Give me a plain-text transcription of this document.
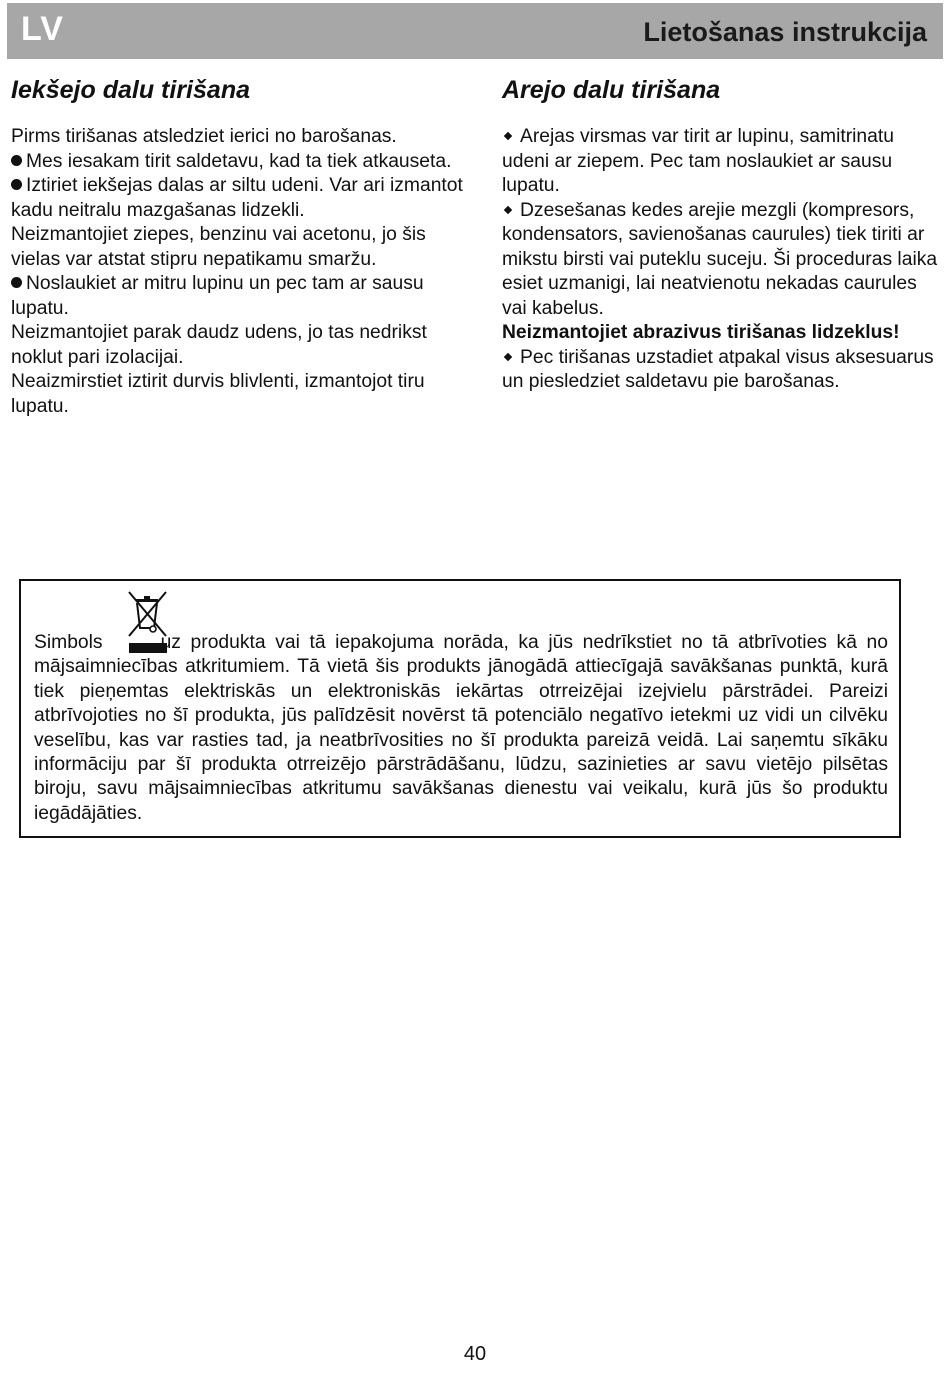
LV	Lietošanas instrukcija
Iekšejo dalu tirišana

Pirms tirišanas atsledziet ierici no barošanas.
Mes iesakam tirit saldetavu, kad ta tiek atkauseta.
Iztiriet iekšejas dalas ar siltu udeni. Var ari izmantot kadu neitralu mazgašanas lidzekli.
Neizmantojiet ziepes, benzinu vai acetonu, jo šis vielas var atstat stipru nepatikamu smaržu.
Noslaukiet ar mitru lupinu un pec tam ar sausu lupatu.
Neizmantojiet parak daudz udens, jo tas nedrikst noklut pari izolacijai.
Neaizmirstiet iztirit durvis blivlenti, izmantojot tiru lupatu.

Arejo dalu tirišana

Arejas virsmas var tirit ar lupinu, samitrinatu udeni ar ziepem. Pec tam noslaukiet ar sausu lupatu.
Dzesešanas kedes arejie mezgli (kompresors, kondensators, savienošanas caurules) tiek tiriti ar mikstu birsti vai puteklu suceju. Ši proceduras laika esiet uzmanigi, lai neatvienotu nekadas caurules vai kabelus.
Neizmantojiet abrazivus tirišanas lidzeklus!
Pec tirišanas uzstadiet atpakal visus aksesuarus un piesledziet saldetavu pie barošanas.

Simbols	uz produkta vai tā iepakojuma norāda, ka jūs nedrīkstiet no tā atbrīvoties kā no mājsaimniecības atkritumiem. Tā vietā šis produkts jānogādā attiecīgajā savākšanas punktā, kurā tiek pieņemtas elektriskās un elektroniskās iekārtas otrreizējai izejvielu pārstrādei. Pareizi atbrīvojoties no šī produkta, jūs palīdzēsit novērst tā potenciālo negatīvo ietekmi uz vidi un cilvēku veselību, kas var rasties tad, ja neatbrīvosities no šī produkta pareizā veidā. Lai saņemtu sīkāku informāciju par šī produkta otrreizējo pārstrādāšanu, lūdzu, sazinieties ar savu vietējo pilsētas biroju, savu mājsaimniecības atkritumu savākšanas dienestu vai veikalu, kurā jūs šo produktu iegādājāties.

40
